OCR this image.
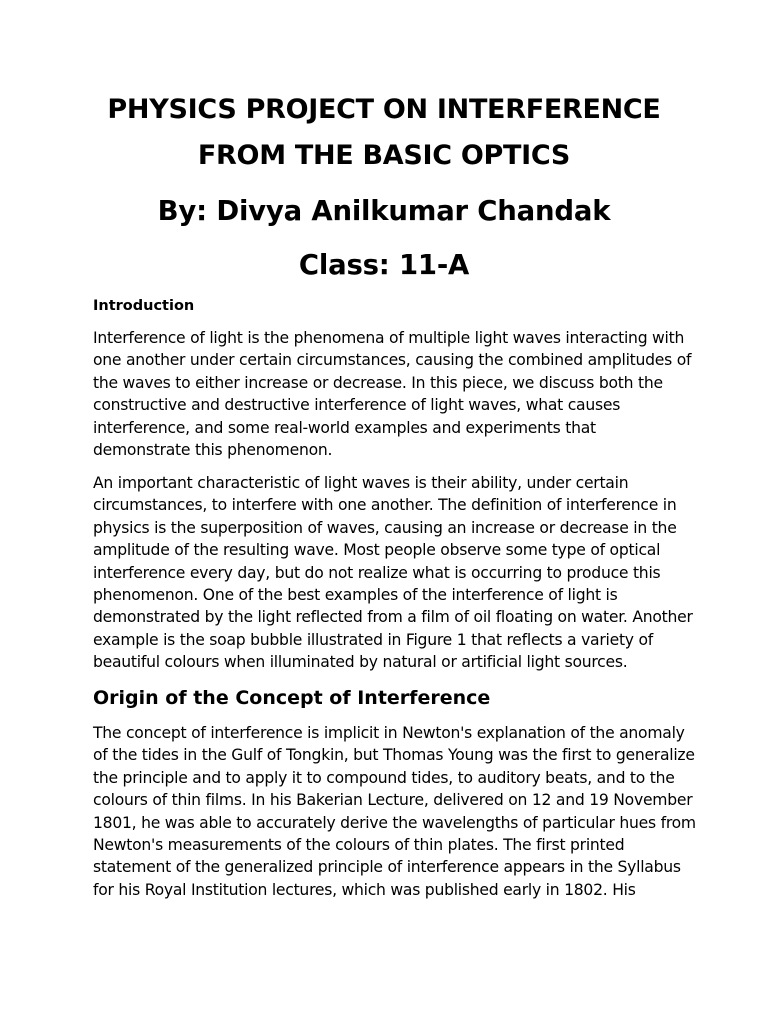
PHYSICS PROJECT ON INTERFERENCE
FROM THE BASIC OPTICS
By: Divya Anilkumar Chandak
Class: 11-A
Introduction
Interference of light is the phenomena of multiple light waves interacting with
one another under certain circumstances, causing the combined amplitudes of
the waves to either increase or decrease. In this piece, we discuss both the
constructive and destructive interference of light waves, what causes
interference, and some real-world examples and experiments that
demonstrate this phenomenon.
An important characteristic of light waves is their ability, under certain
circumstances, to interfere with one another. The definition of interference in
physics is the superposition of waves, causing an increase or decrease in the
amplitude of the resulting wave. Most people observe some type of optical
interference every day, but do not realize what is occurring to produce this
phenomenon. One of the best examples of the interference of light is
demonstrated by the light reflected from a film of oil floating on water. Another
example is the soap bubble illustrated in Figure 1 that reflects a variety of
beautiful colours when illuminated by natural or artificial light sources.
Origin of the Concept of Interference
The concept of interference is implicit in Newton's explanation of the anomaly
of the tides in the Gulf of Tongkin, but Thomas Young was the first to generalize
the principle and to apply it to compound tides, to auditory beats, and to the
colours of thin films. In his Bakerian Lecture, delivered on 12 and 19 November
1801, he was able to accurately derive the wavelengths of particular hues from
Newton's measurements of the colours of thin plates. The first printed
statement of the generalized principle of interference appears in the Syllabus
for his Royal Institution lectures, which was published early in 1802. His
